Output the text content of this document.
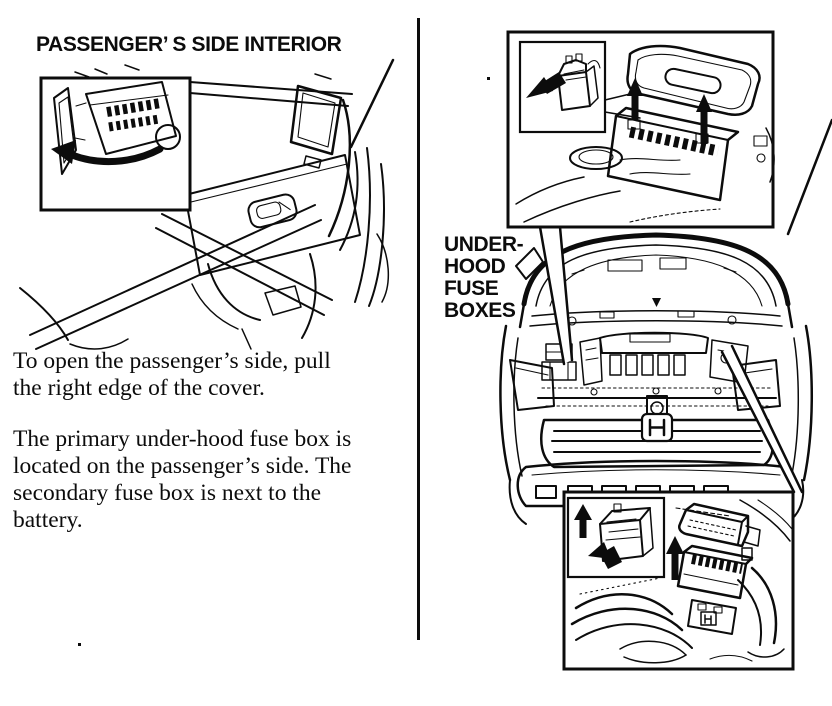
PASSENGER’ S SIDE INTERIOR
To open the passenger’s side, pull
the right edge of the cover.
The primary under-hood fuse box is
located on the passenger’s side. The
secondary fuse box is next to the
battery.
UNDER-
HOOD
FUSE
BOXES
